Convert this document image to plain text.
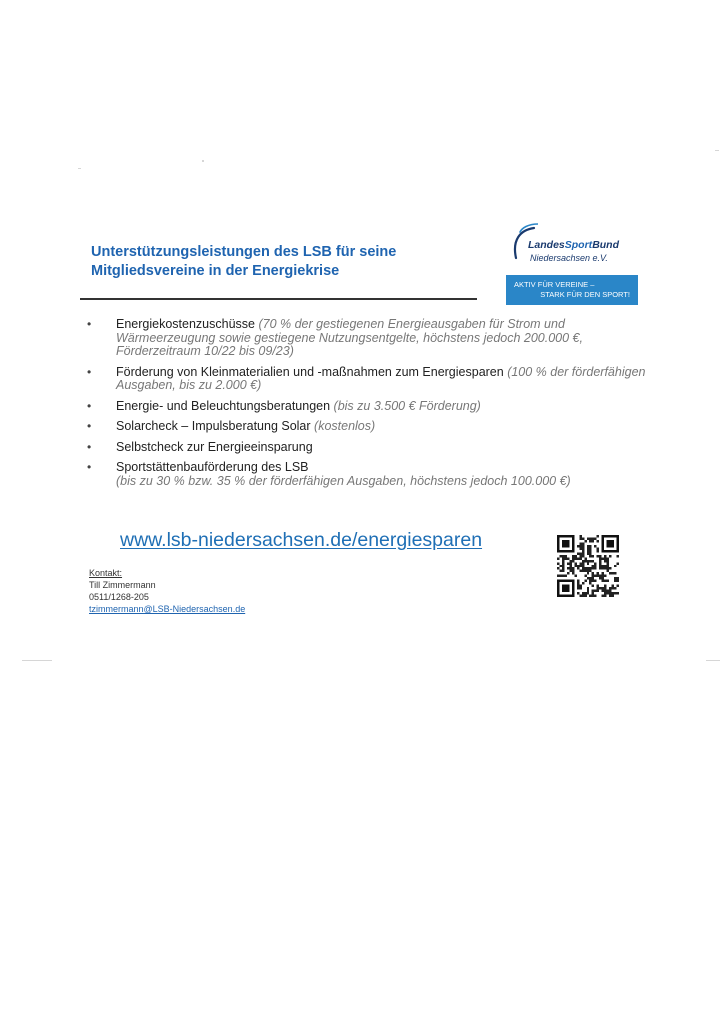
Unterstützungsleistungen des LSB für seine
Mitgliedsvereine in der Energiekrise
LandesSportBund
Niedersachsen e.V.
AKTIV FÜR VEREINE –
STARK FÜR DEN SPORT!
• Energiekostenzuschüsse (70 % der gestiegenen Energieausgaben für Strom und Wärmeerzeugung sowie gestiegene Nutzungsentgelte, höchstens jedoch 200.000 €, Förderzeitraum 10/22 bis 09/23)
• Förderung von Kleinmaterialien und -maßnahmen zum Energiesparen (100 % der förderfähigen Ausgaben, bis zu 2.000 €)
• Energie- und Beleuchtungsberatungen (bis zu 3.500 € Förderung)
• Solarcheck – Impulsberatung Solar (kostenlos)
• Selbstcheck zur Energieeinsparung
• Sportstättenbauförderung des LSB
(bis zu 30 % bzw. 35 % der förderfähigen Ausgaben, höchstens jedoch 100.000 €)
www.lsb-niedersachsen.de/energiesparen
Kontakt:
Till Zimmermann
0511/1268-205
tzimmermann@LSB-Niedersachsen.de
